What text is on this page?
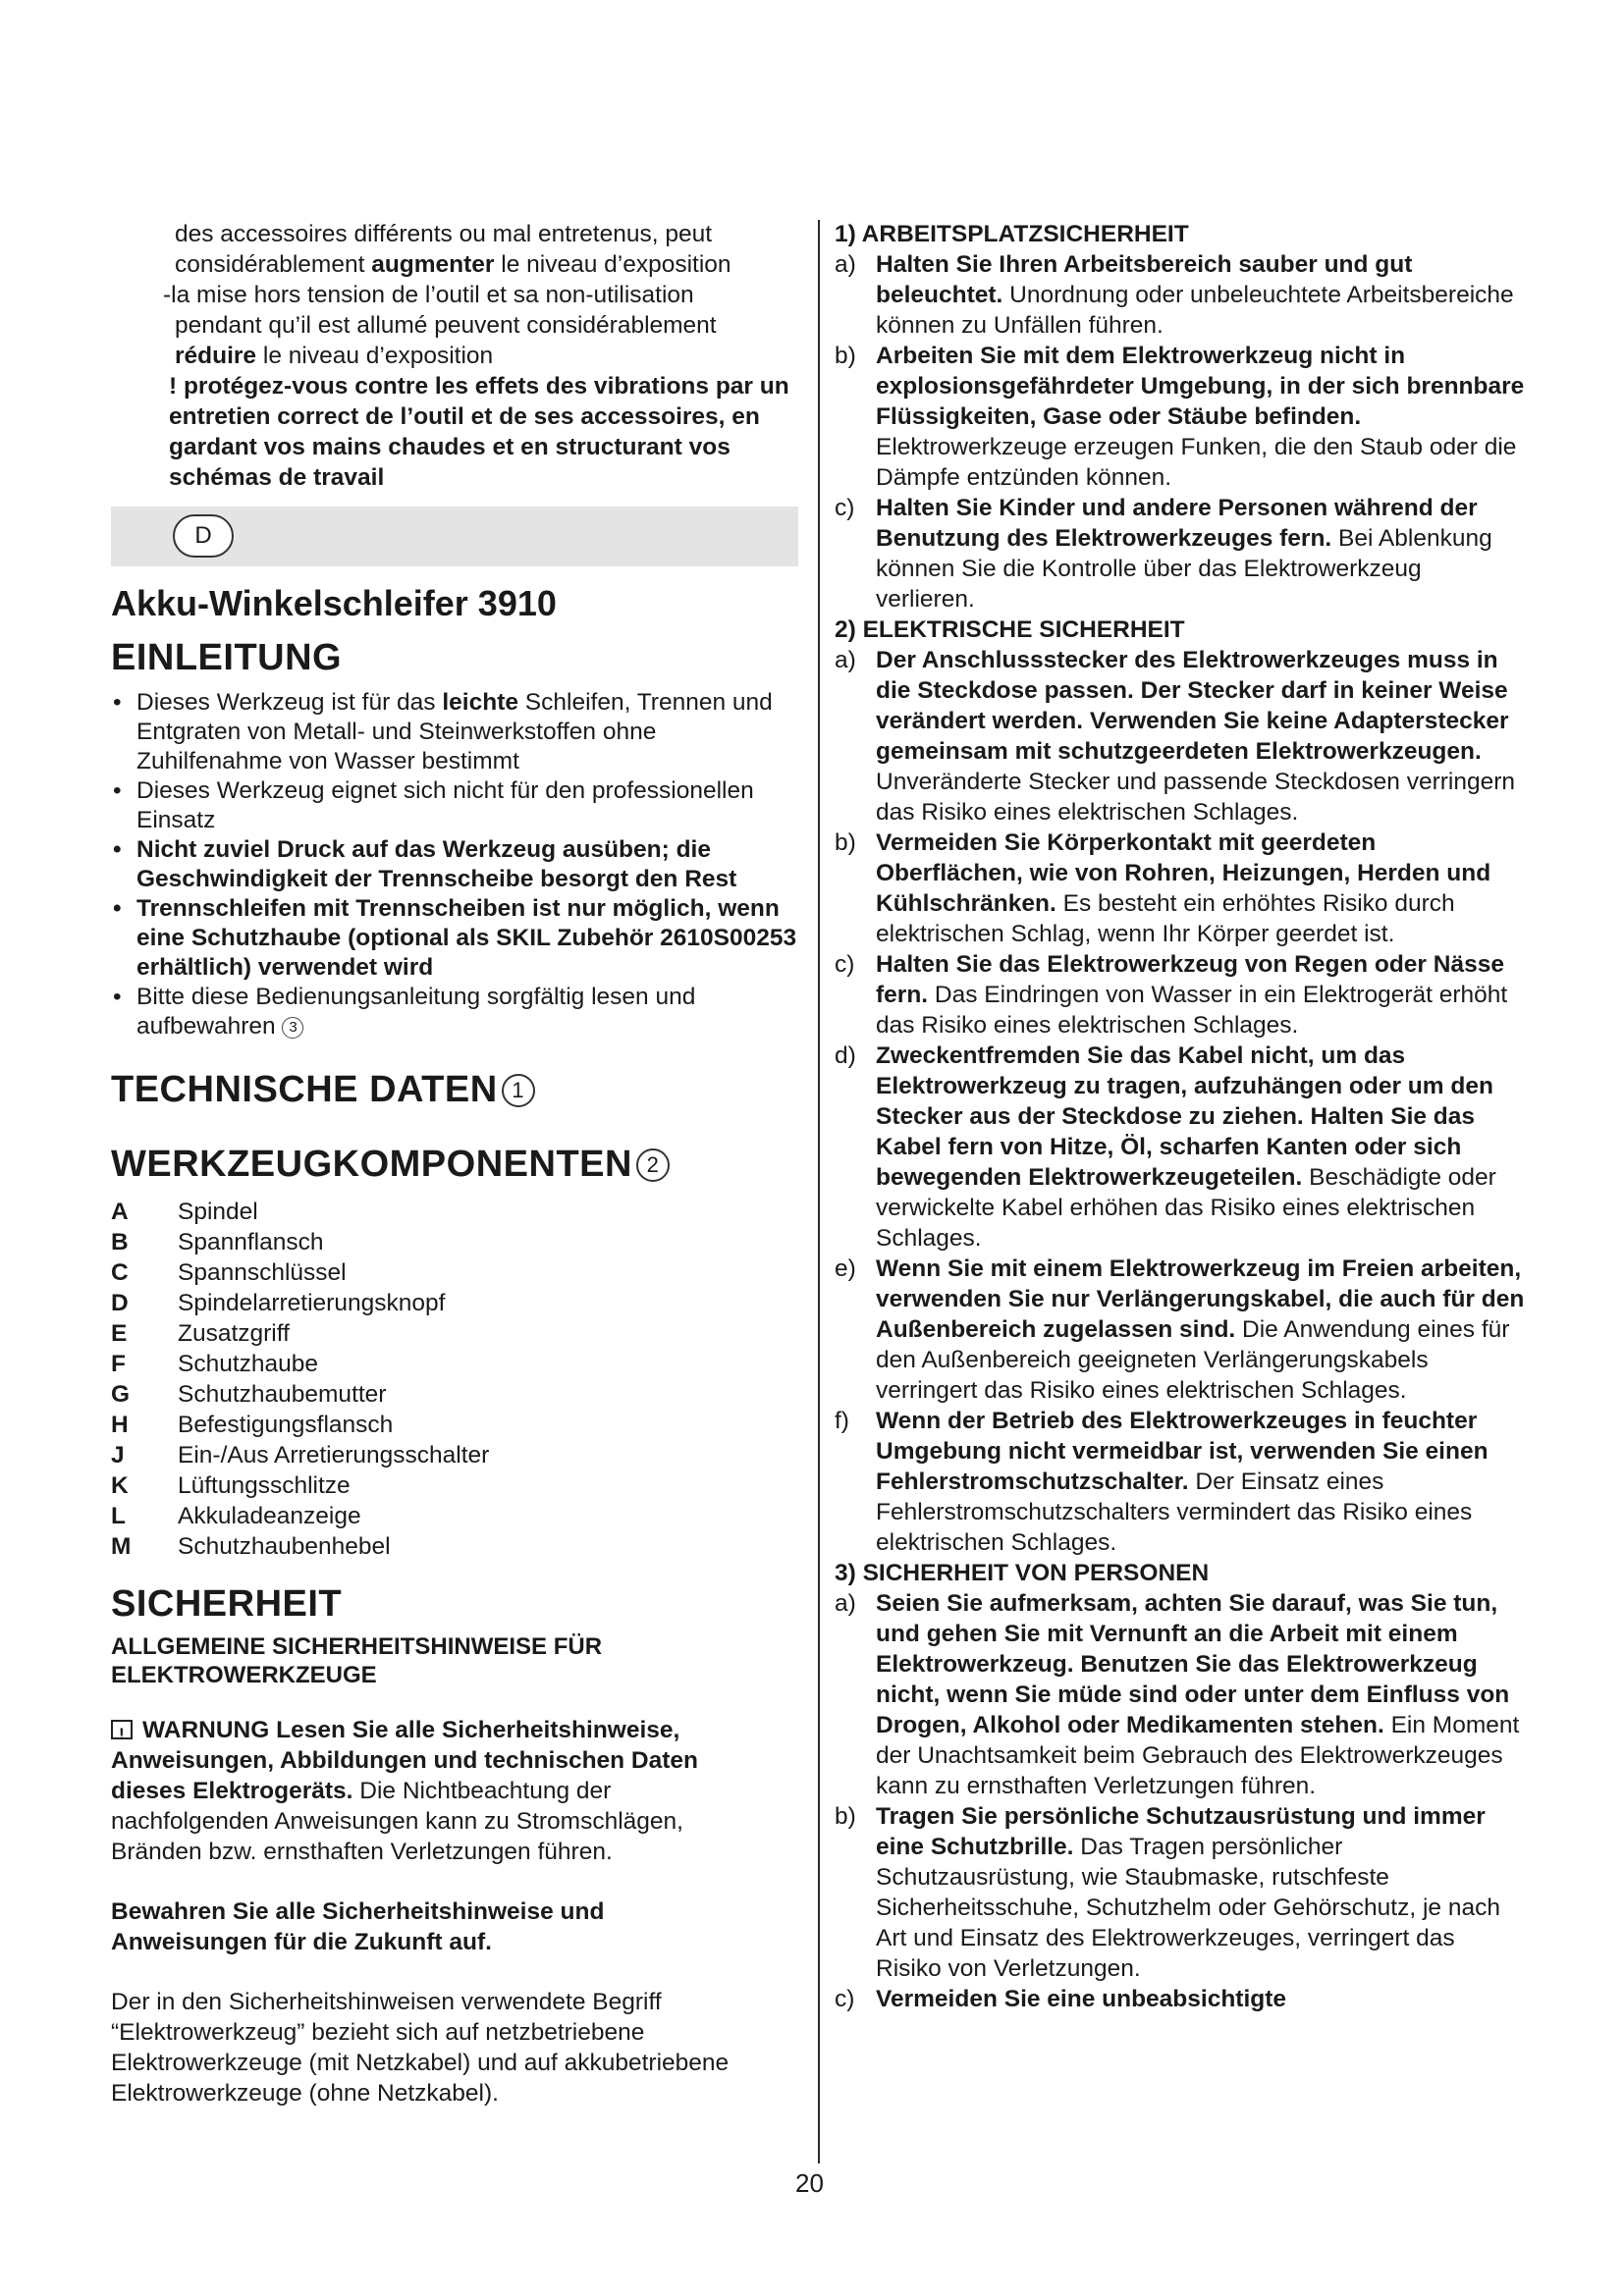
des accessoires différents ou mal entretenus, peut
considérablement augmenter le niveau d’exposition
-la mise hors tension de l’outil et sa non-utilisation
pendant qu’il est allumé peuvent considérablement
réduire le niveau d’exposition
! protégez-vous contre les effets des vibrations par un entretien correct de l’outil et de ses accessoires, en gardant vos mains chaudes et en structurant vos schémas de travail
D
Akku-Winkelschleifer 3910
EINLEITUNG
• Dieses Werkzeug ist für das leichte Schleifen, Trennen und Entgraten von Metall- und Steinwerkstoffen ohne Zuhilfenahme von Wasser bestimmt
• Dieses Werkzeug eignet sich nicht für den professionellen Einsatz
• Nicht zuviel Druck auf das Werkzeug ausüben; die Geschwindigkeit der Trennscheibe besorgt den Rest
• Trennschleifen mit Trennscheiben ist nur möglich, wenn eine Schutzhaube (optional als SKIL Zubehör 2610S00253 erhältlich) verwendet wird
• Bitte diese Bedienungsanleitung sorgfältig lesen und aufbewahren 3
TECHNISCHE DATEN 1
WERKZEUGKOMPONENTEN 2
A	Spindel
B	Spannflansch
C	Spannschlüssel
D	Spindelarretierungsknopf
E	Zusatzgriff
F	Schutzhaube
G	Schutzhaubemutter
H	Befestigungsflansch
J	Ein-/Aus Arretierungsschalter
K	Lüftungsschlitze
L	Akkuladeanzeige
M	Schutzhaubenhebel
SICHERHEIT
ALLGEMEINE SICHERHEITSHINWEISE FÜR ELEKTROWERKZEUGE
!WARNUNG Lesen Sie alle Sicherheitshinweise, Anweisungen, Abbildungen und technischen Daten dieses Elektrogeräts. Die Nichtbeachtung der nachfolgenden Anweisungen kann zu Stromschlägen, Bränden bzw. ernsthaften Verletzungen führen.
Bewahren Sie alle Sicherheitshinweise und Anweisungen für die Zukunft auf.
Der in den Sicherheitshinweisen verwendete Begriff “Elektrowerkzeug” bezieht sich auf netzbetriebene Elektrowerkzeuge (mit Netzkabel) und auf akkubetriebene Elektrowerkzeuge (ohne Netzkabel).
1) ARBEITSPLATZSICHERHEIT
a) Halten Sie Ihren Arbeitsbereich sauber und gut beleuchtet. Unordnung oder unbeleuchtete Arbeitsbereiche können zu Unfällen führen.
b) Arbeiten Sie mit dem Elektrowerkzeug nicht in explosionsgefährdeter Umgebung, in der sich brennbare Flüssigkeiten, Gase oder Stäube befinden. Elektrowerkzeuge erzeugen Funken, die den Staub oder die Dämpfe entzünden können.
c) Halten Sie Kinder und andere Personen während der Benutzung des Elektrowerkzeuges fern. Bei Ablenkung können Sie die Kontrolle über das Elektrowerkzeug verlieren.
2) ELEKTRISCHE SICHERHEIT
a) Der Anschlussstecker des Elektrowerkzeuges muss in die Steckdose passen. Der Stecker darf in keiner Weise verändert werden. Verwenden Sie keine Adapterstecker gemeinsam mit schutzgeerdeten Elektrowerkzeugen. Unveränderte Stecker und passende Steckdosen verringern das Risiko eines elektrischen Schlages.
b) Vermeiden Sie Körperkontakt mit geerdeten Oberflächen, wie von Rohren, Heizungen, Herden und Kühlschränken. Es besteht ein erhöhtes Risiko durch elektrischen Schlag, wenn Ihr Körper geerdet ist.
c) Halten Sie das Elektrowerkzeug von Regen oder Nässe fern. Das Eindringen von Wasser in ein Elektrogerät erhöht das Risiko eines elektrischen Schlages.
d) Zweckentfremden Sie das Kabel nicht, um das Elektrowerkzeug zu tragen, aufzuhängen oder um den Stecker aus der Steckdose zu ziehen. Halten Sie das Kabel fern von Hitze, Öl, scharfen Kanten oder sich bewegenden Elektrowerkzeugeteilen. Beschädigte oder verwickelte Kabel erhöhen das Risiko eines elektrischen Schlages.
e) Wenn Sie mit einem Elektrowerkzeug im Freien arbeiten, verwenden Sie nur Verlängerungskabel, die auch für den Außenbereich zugelassen sind. Die Anwendung eines für den Außenbereich geeigneten Verlängerungskabels verringert das Risiko eines elektrischen Schlages.
f) Wenn der Betrieb des Elektrowerkzeuges in feuchter Umgebung nicht vermeidbar ist, verwenden Sie einen Fehlerstromschutzschalter. Der Einsatz eines Fehlerstromschutzschalters vermindert das Risiko eines elektrischen Schlages.
3) SICHERHEIT VON PERSONEN
a) Seien Sie aufmerksam, achten Sie darauf, was Sie tun, und gehen Sie mit Vernunft an die Arbeit mit einem Elektrowerkzeug. Benutzen Sie das Elektrowerkzeug nicht, wenn Sie müde sind oder unter dem Einfluss von Drogen, Alkohol oder Medikamenten stehen. Ein Moment der Unachtsamkeit beim Gebrauch des Elektrowerkzeuges kann zu ernsthaften Verletzungen führen.
b) Tragen Sie persönliche Schutzausrüstung und immer eine Schutzbrille. Das Tragen persönlicher Schutzausrüstung, wie Staubmaske, rutschfeste Sicherheitsschuhe, Schutzhelm oder Gehörschutz, je nach Art und Einsatz des Elektrowerkzeuges, verringert das Risiko von Verletzungen.
c) Vermeiden Sie eine unbeabsichtigte
20
